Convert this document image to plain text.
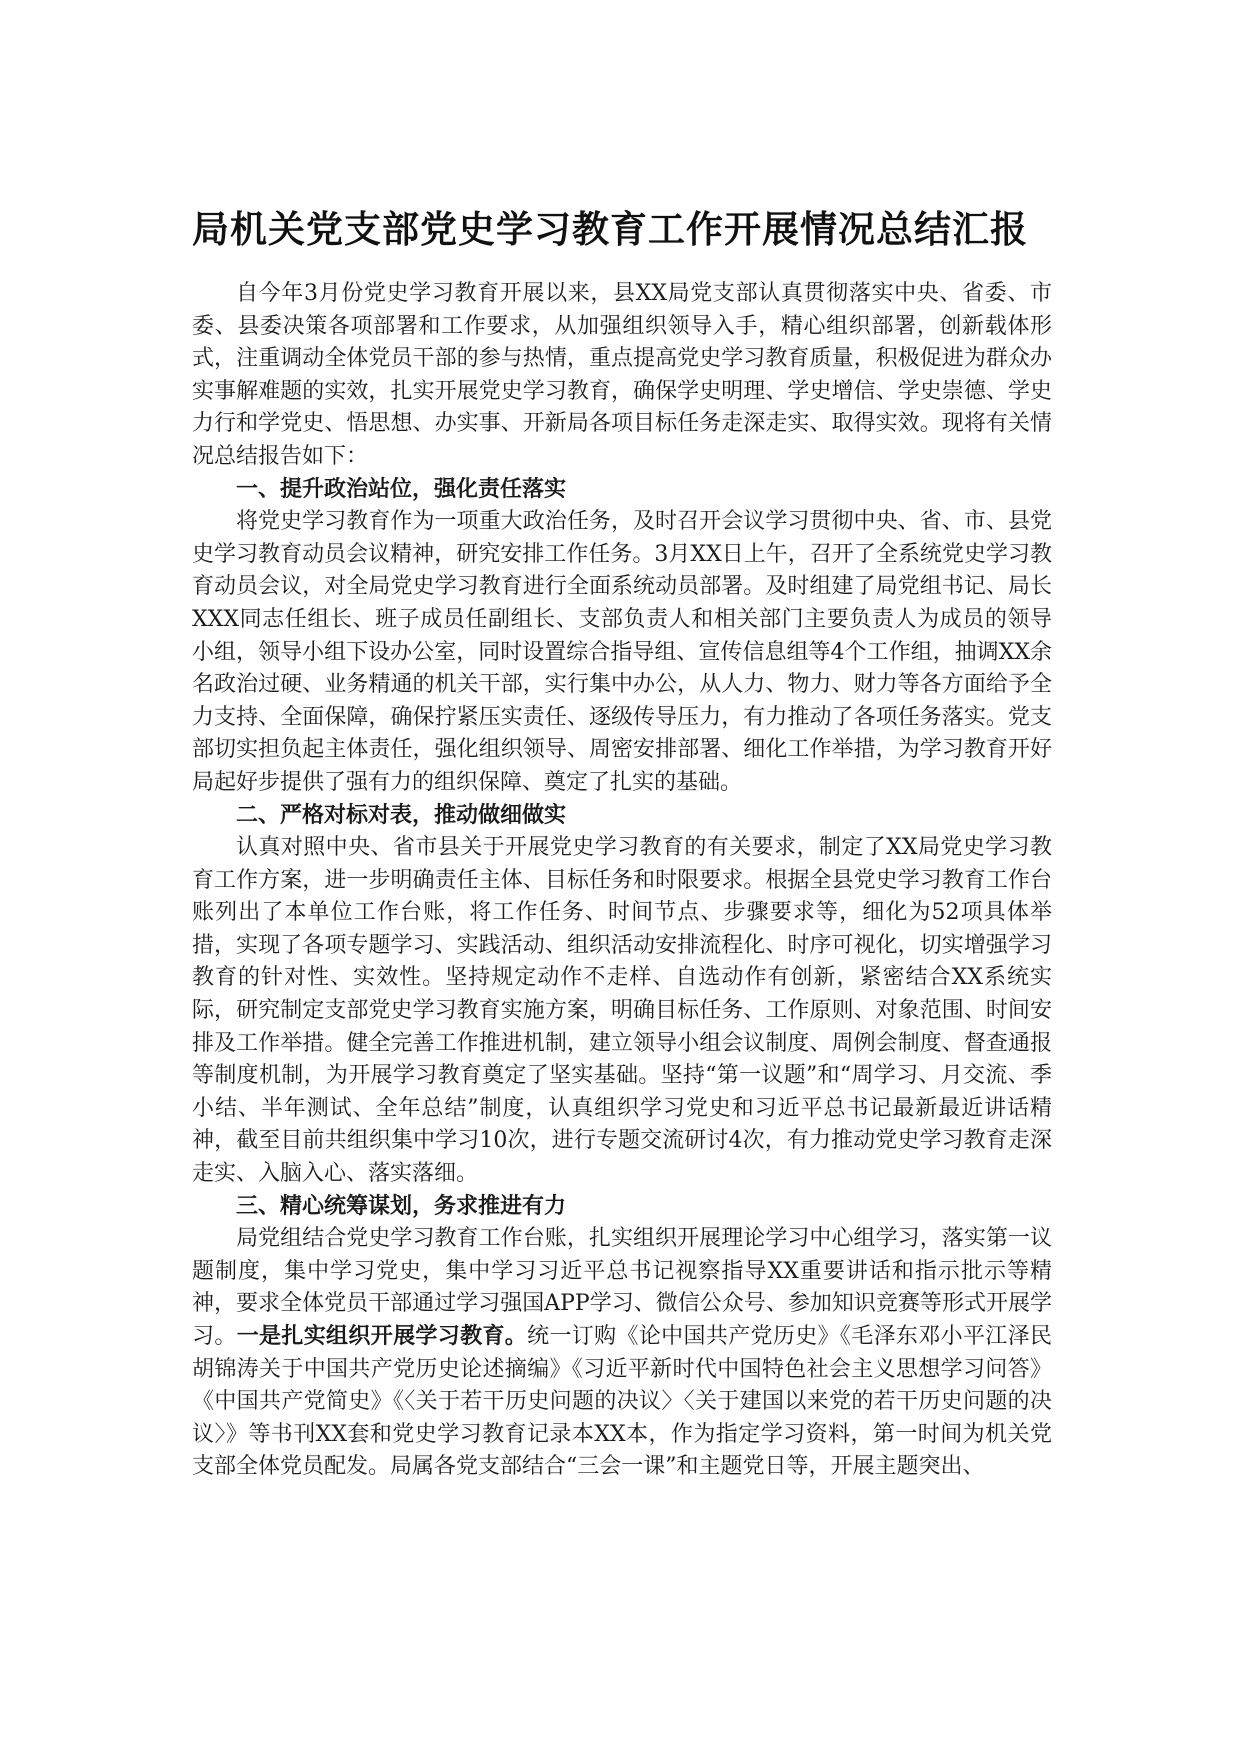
局机关党支部党史学习教育工作开展情况总结汇报

自今年3月份党史学习教育开展以来，县XX局党支部认真贯彻落实中央、省委、市委、县委决策各项部署和工作要求，从加强组织领导入手，精心组织部署，创新载体形式，注重调动全体党员干部的参与热情，重点提高党史学习教育质量，积极促进为群众办实事解难题的实效，扎实开展党史学习教育，确保学史明理、学史增信、学史崇德、学史力行和学党史、悟思想、办实事、开新局各项目标任务走深走实、取得实效。现将有关情况总结报告如下：

一、提升政治站位，强化责任落实

将党史学习教育作为一项重大政治任务，及时召开会议学习贯彻中央、省、市、县党史学习教育动员会议精神，研究安排工作任务。3月XX日上午，召开了全系统党史学习教育动员会议，对全局党史学习教育进行全面系统动员部署。及时组建了局党组书记、局长XXX同志任组长、班子成员任副组长、支部负责人和相关部门主要负责人为成员的领导小组，领导小组下设办公室，同时设置综合指导组、宣传信息组等4个工作组，抽调XX余名政治过硬、业务精通的机关干部，实行集中办公，从人力、物力、财力等各方面给予全力支持、全面保障，确保拧紧压实责任、逐级传导压力，有力推动了各项任务落实。党支部切实担负起主体责任，强化组织领导、周密安排部署、细化工作举措，为学习教育开好局起好步提供了强有力的组织保障、奠定了扎实的基础。

二、严格对标对表，推动做细做实

认真对照中央、省市县关于开展党史学习教育的有关要求，制定了XX局党史学习教育工作方案，进一步明确责任主体、目标任务和时限要求。根据全县党史学习教育工作台账列出了本单位工作台账，将工作任务、时间节点、步骤要求等，细化为52项具体举措，实现了各项专题学习、实践活动、组织活动安排流程化、时序可视化，切实增强学习教育的针对性、实效性。坚持规定动作不走样、自选动作有创新，紧密结合XX系统实际，研究制定支部党史学习教育实施方案，明确目标任务、工作原则、对象范围、时间安排及工作举措。健全完善工作推进机制，建立领导小组会议制度、周例会制度、督查通报等制度机制，为开展学习教育奠定了坚实基础。坚持“第一议题”和“周学习、月交流、季小结、半年测试、全年总结”制度，认真组织学习党史和习近平总书记最新最近讲话精神，截至目前共组织集中学习10次，进行专题交流研讨4次，有力推动党史学习教育走深走实、入脑入心、落实落细。

三、精心统筹谋划，务求推进有力

局党组结合党史学习教育工作台账，扎实组织开展理论学习中心组学习，落实第一议题制度，集中学习党史，集中学习习近平总书记视察指导XX重要讲话和指示批示等精神，要求全体党员干部通过学习强国APP学习、微信公众号、参加知识竞赛等形式开展学习。一是扎实组织开展学习教育。统一订购《论中国共产党历史》《毛泽东邓小平江泽民胡锦涛关于中国共产党历史论述摘编》《习近平新时代中国特色社会主义思想学习问答》《中国共产党简史》《〈关于若干历史问题的决议〉〈关于建国以来党的若干历史问题的决议〉》等书刊XX套和党史学习教育记录本XX本，作为指定学习资料，第一时间为机关党支部全体党员配发。局属各党支部结合“三会一课”和主题党日等，开展主题突出、
